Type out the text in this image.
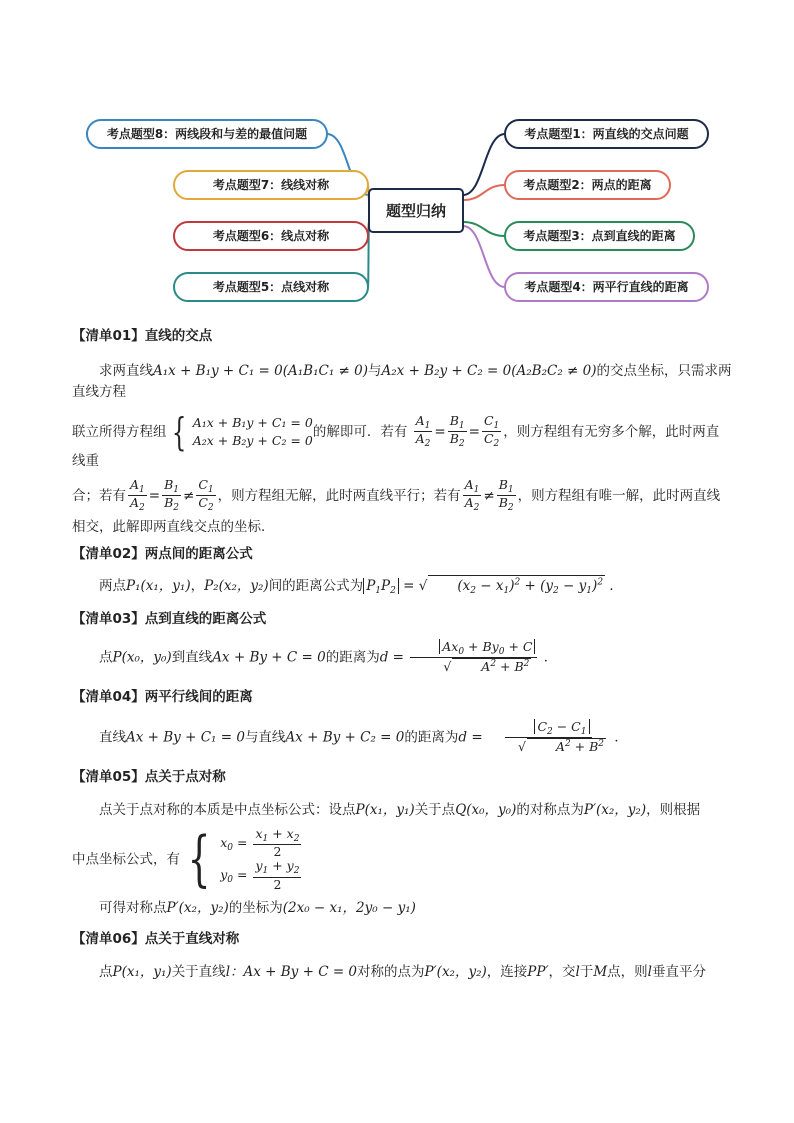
考点题型8：两线段和与差的最值问题
考点题型7：线线对称
考点题型6：线点对称
考点题型5：点线对称
考点题型1：两直线的交点问题
考点题型2：两点的距离
考点题型3：点到直线的距离
考点题型4：两平行直线的距离
题型归纳
【清单01】直线的交点

求两直线A₁x + B₁y + C₁ = 0(A₁B₁C₁ ≠ 0)与A₂x + B₂y + C₂ = 0(A₂B₂C₂ ≠ 0)的交点坐标，只需求两直线方程

联立所得方程组 { A₁x + B₁y + C₁ = 0
A₂x + B₂y + C₂ = 0
的解即可．若有 $\frac{A_1}{A_2} = \frac{B_1}{B_2} = \frac{C_1}{C_2}$ ，则方程组有无穷多个解，此时两直线重

合；若有 $\frac{A_1}{A_2} = \frac{B_1}{B_2} \ne \frac{C_1}{C_2}$ ，则方程组无解，此时两直线平行；若有 $\frac{A_1}{A_2} \ne \frac{B_1}{B_2}$ ，则方程组有唯一解，此时两直线

相交，此解即两直线交点的坐标．

【清单02】两点间的距离公式

两点P₁(x₁，y₁)，P₂(x₂，y₂)间的距离公式为 $P_1P_2$ = √ $(x_2 - x_1)^2 + (y_2 - y_1)^2$ ．

【清单03】点到直线的距离公式

点P(x₀，y₀)到直线Ax + By + C = 0的距离为$d = \frac{Ax_0 + By_0 + C}{√ A^2 + B^2}$ ．

【清单04】两平行线间的距离

直线Ax + By + C₁ = 0与直线Ax + By + C₂ = 0的距离为$d = \frac{C_2 - C_1}{√ A^2 + B^2}$ ．

【清单05】点关于点对称

点关于点对称的本质是中点坐标公式：设点P(x₁，y₁)关于点Q(x₀，y₀)的对称点为P′(x₂，y₂)，则根据

中点坐标公式，有 { $x_0 = \frac{x_1 + x_2}{2}$
$y_0 = \frac{y_1 + y_2}{2}$

可得对称点P′(x₂，y₂)的坐标为(2x₀ − x₁，2y₀ − y₁)

【清单06】点关于直线对称

点P(x₁，y₁)关于直线l：Ax + By + C = 0对称的点为P′(x₂，y₂)，连接PP′，交l于M点，则l垂直平分
